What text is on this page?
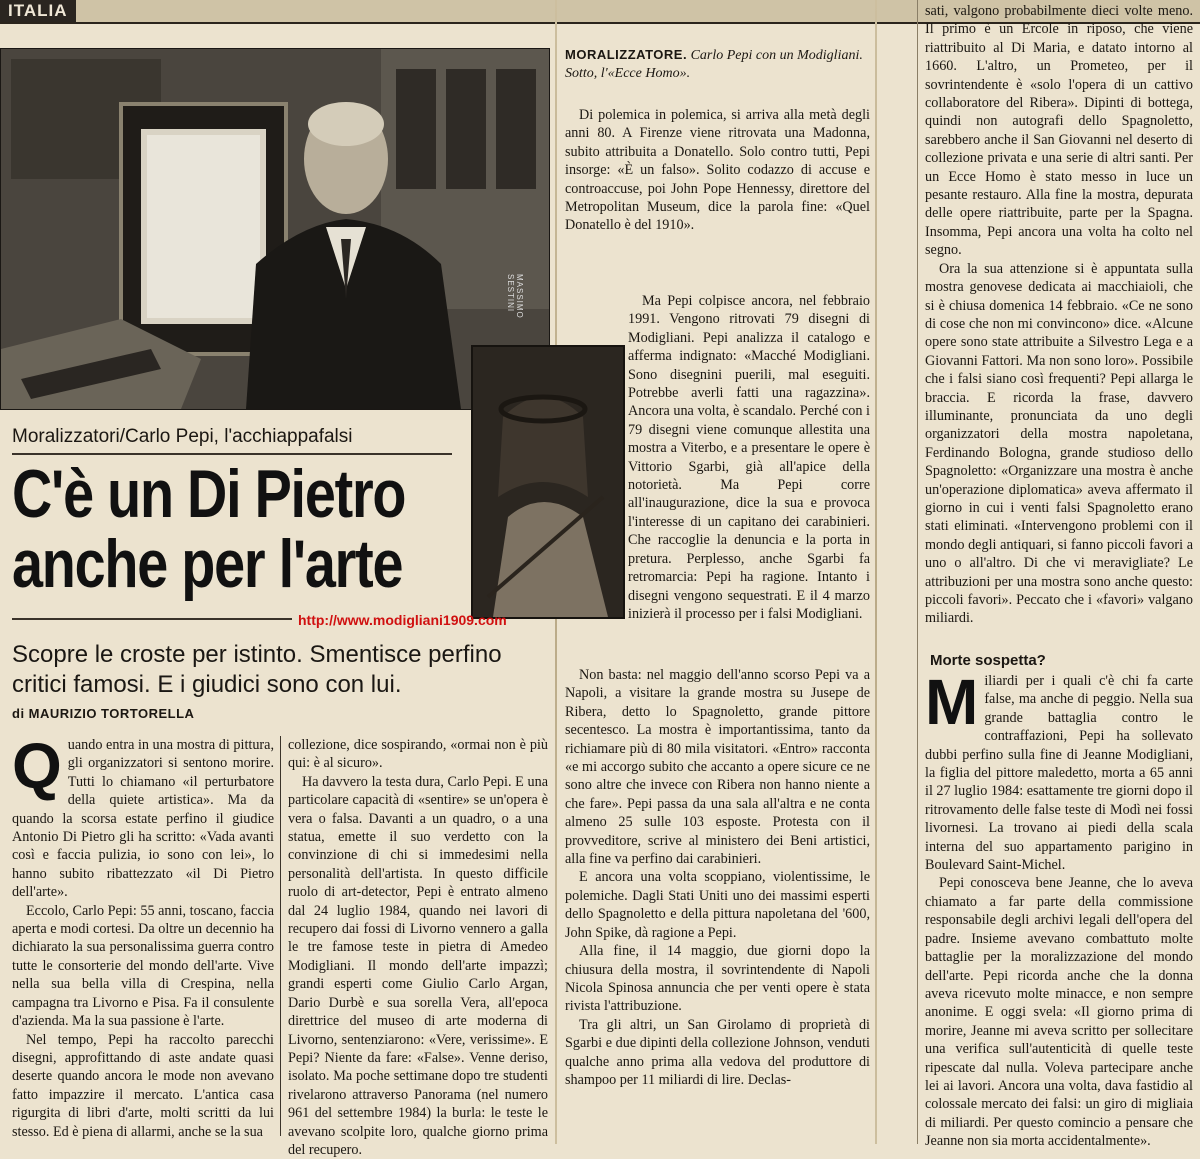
ITALIA
MASSIMO SESTINI
Moralizzatori/Carlo Pepi, l'acchiappafalsi
C'è un Di Pietro
anche per l'arte
http://www.modigliani1909.com
Scopre le croste per istinto. Smentisce perfino critici famosi. E i giudici sono con lui.
di MAURIZIO TORTORELLA

Quando entra in una mostra di pittura, gli organizzatori si sentono morire. Tutti lo chiamano «il perturbatore della quiete artistica». Ma da quando la scorsa estate perfino il giudice Antonio Di Pietro gli ha scritto: «Vada avanti così e faccia pulizia, io sono con lei», lo hanno subito ribattezzato «il Di Pietro dell'arte».

Eccolo, Carlo Pepi: 55 anni, toscano, faccia aperta e modi cortesi. Da oltre un decennio ha dichiarato la sua personalissima guerra contro tutte le consorterie del mondo dell'arte. Vive nella sua bella villa di Crespina, nella campagna tra Livorno e Pisa. Fa il consulente d'azienda. Ma la sua passione è l'arte.

Nel tempo, Pepi ha raccolto parecchi disegni, approfittando di aste andate quasi deserte quando ancora le mode non avevano fatto impazzire il mercato. L'antica casa rigurgita di libri d'arte, molti scritti da lui stesso. Ed è piena di allarmi, anche se la sua

collezione, dice sospirando, «ormai non è più qui: è al sicuro».

Ha davvero la testa dura, Carlo Pepi. E una particolare capacità di «sentire» se un'opera è vera o falsa. Davanti a un quadro, o a una statua, emette il suo verdetto con la convinzione di chi si immedesimi nella personalità dell'artista. In questo difficile ruolo di art-detector, Pepi è entrato almeno dal 24 luglio 1984, quando nei lavori di recupero dai fossi di Livorno vennero a galla le tre famose teste in pietra di Amedeo Modigliani. Il mondo dell'arte impazzì; grandi esperti come Giulio Carlo Argan, Dario Durbè e sua sorella Vera, all'epoca direttrice del museo di arte moderna di Livorno, sentenziarono: «Vere, verissime». E Pepi? Niente da fare: «False». Venne deriso, isolato. Ma poche settimane dopo tre studenti rivelarono attraverso Panorama (nel numero 961 del settembre 1984) la burla: le teste le avevano scolpite loro, qualche giorno prima del recupero.

MORALIZZATORE. Carlo Pepi con un Modigliani. Sotto, l'«Ecce Homo».

Di polemica in polemica, si arriva alla metà degli anni 80. A Firenze viene ritrovata una Madonna, subito attribuita a Donatello. Solo contro tutti, Pepi insorge: «È un falso». Solito codazzo di accuse e controaccuse, poi John Pope Hennessy, direttore del Metropolitan Museum, dice la parola fine: «Quel Donatello è del 1910».

Ma Pepi colpisce ancora, nel febbraio 1991. Vengono ritrovati 79 disegni di Modigliani. Pepi analizza il catalogo e afferma indignato: «Macché Modigliani. Sono disegnini puerili, mal eseguiti. Potrebbe averli fatti una ragazzina». Ancora una volta, è scandalo. Perché con i 79 disegni viene comunque allestita una mostra a Viterbo, e a presentare le opere è Vittorio Sgarbi, già all'apice della notorietà. Ma Pepi corre all'inaugurazione, dice la sua e provoca l'interesse di un capitano dei carabinieri. Che raccoglie la denuncia e la porta in pretura. Perplesso, anche Sgarbi fa retromarcia: Pepi ha ragione. Intanto i disegni vengono sequestrati. E il 4 marzo inizierà il processo per i falsi Modigliani.

Non basta: nel maggio dell'anno scorso Pepi va a Napoli, a visitare la grande mostra su Jusepe de Ribera, detto lo Spagnoletto, grande pittore secentesco. La mostra è importantissima, tanto da richiamare più di 80 mila visitatori. «Entro» racconta «e mi accorgo subito che accanto a opere sicure ce ne sono altre che invece con Ribera non hanno niente a che fare». Pepi passa da una sala all'altra e ne conta almeno 25 sulle 103 esposte. Protesta con il provveditore, scrive al ministero dei Beni artistici, alla fine va perfino dai carabinieri.

E ancora una volta scoppiano, violentissime, le polemiche. Dagli Stati Uniti uno dei massimi esperti dello Spagnoletto e della pittura napoletana del '600, John Spike, dà ragione a Pepi.

Alla fine, il 14 maggio, due giorni dopo la chiusura della mostra, il sovrintendente di Napoli Nicola Spinosa annuncia che per venti opere è stata rivista l'attribuzione.

Tra gli altri, un San Girolamo di proprietà di Sgarbi e due dipinti della collezione Johnson, venduti qualche anno prima alla vedova del produttore di shampoo per 11 miliardi di lire. Declas-

sati, valgono probabilmente dieci volte meno. Il primo è un Ercole in riposo, che viene riattribuito al Di Maria, e datato intorno al 1660. L'altro, un Prometeo, per il sovrintendente è «solo l'opera di un cattivo collaboratore del Ribera». Dipinti di bottega, quindi non autografi dello Spagnoletto, sarebbero anche il San Giovanni nel deserto di collezione privata e una serie di altri santi. Per un Ecce Homo è stato messo in luce un pesante restauro. Alla fine la mostra, depurata delle opere riattribuite, parte per la Spagna. Insomma, Pepi ancora una volta ha colto nel segno.

Ora la sua attenzione si è appuntata sulla mostra genovese dedicata ai macchiaioli, che si è chiusa domenica 14 febbraio. «Ce ne sono di cose che non mi convincono» dice. «Alcune opere sono state attribuite a Silvestro Lega e a Giovanni Fattori. Ma non sono loro». Possibile che i falsi siano così frequenti? Pepi allarga le braccia. E ricorda la frase, davvero illuminante, pronunciata da uno degli organizzatori della mostra napoletana, Ferdinando Bologna, grande studioso dello Spagnoletto: «Organizzare una mostra è anche un'operazione diplomatica» aveva affermato il giorno in cui i venti falsi Spagnoletto erano stati eliminati. «Intervengono problemi con il mondo degli antiquari, si fanno piccoli favori a uno o all'altro. Di che vi meravigliate? Le attribuzioni per una mostra sono anche questo: piccoli favori». Peccato che i «favori» valgano miliardi.

Morte sospetta?

Miliardi per i quali c'è chi fa carte false, ma anche di peggio. Nella sua grande battaglia contro le contraffazioni, Pepi ha sollevato dubbi perfino sulla fine di Jeanne Modigliani, la figlia del pittore maledetto, morta a 65 anni il 27 luglio 1984: esattamente tre giorni dopo il ritrovamento delle false teste di Modì nei fossi livornesi. La trovano ai piedi della scala interna del suo appartamento parigino in Boulevard Saint-Michel.

Pepi conosceva bene Jeanne, che lo aveva chiamato a far parte della commissione responsabile degli archivi legali dell'opera del padre. Insieme avevano combattuto molte battaglie per la moralizzazione del mondo dell'arte. Pepi ricorda anche che la donna aveva ricevuto molte minacce, e non sempre anonime. E oggi svela: «Il giorno prima di morire, Jeanne mi aveva scritto per sollecitare una verifica sull'autenticità di quelle teste ripescate dal nulla. Voleva partecipare anche lei ai lavori. Ancora una volta, dava fastidio al colossale mercato dei falsi: un giro di migliaia di miliardi. Per questo comincio a pensare che Jeanne non sia morta accidentalmente».
